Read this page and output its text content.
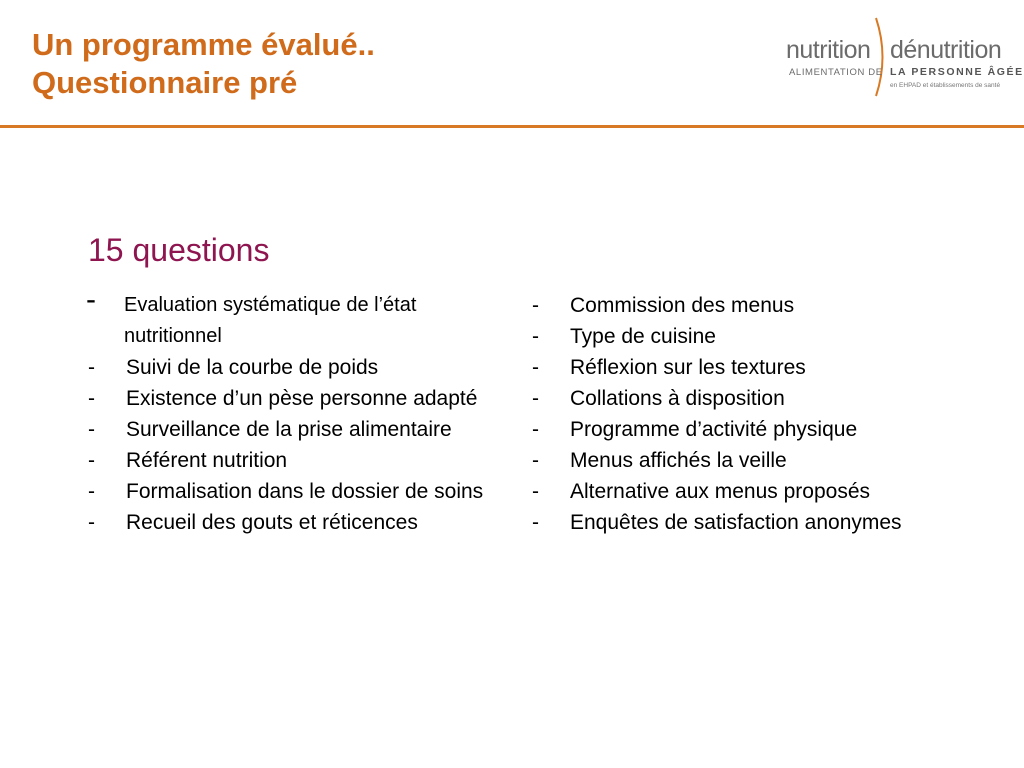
Un programme évalué..
Questionnaire pré
nutrition dénutrition
ALIMENTATION DE LA PERSONNE ÂGÉE
en EHPAD et établissements de santé
15 questions
- Evaluation systématique de l’état nutritionnel
- Suivi de la courbe de poids
- Existence d’un pèse personne adapté
- Surveillance de la prise alimentaire
- Référent nutrition
- Formalisation dans le dossier de soins
- Recueil des gouts et réticences
- Commission des menus
- Type de cuisine
- Réflexion sur les textures
- Collations à disposition
- Programme d’activité physique
- Menus affichés la veille
- Alternative aux menus proposés
- Enquêtes de satisfaction anonymes
